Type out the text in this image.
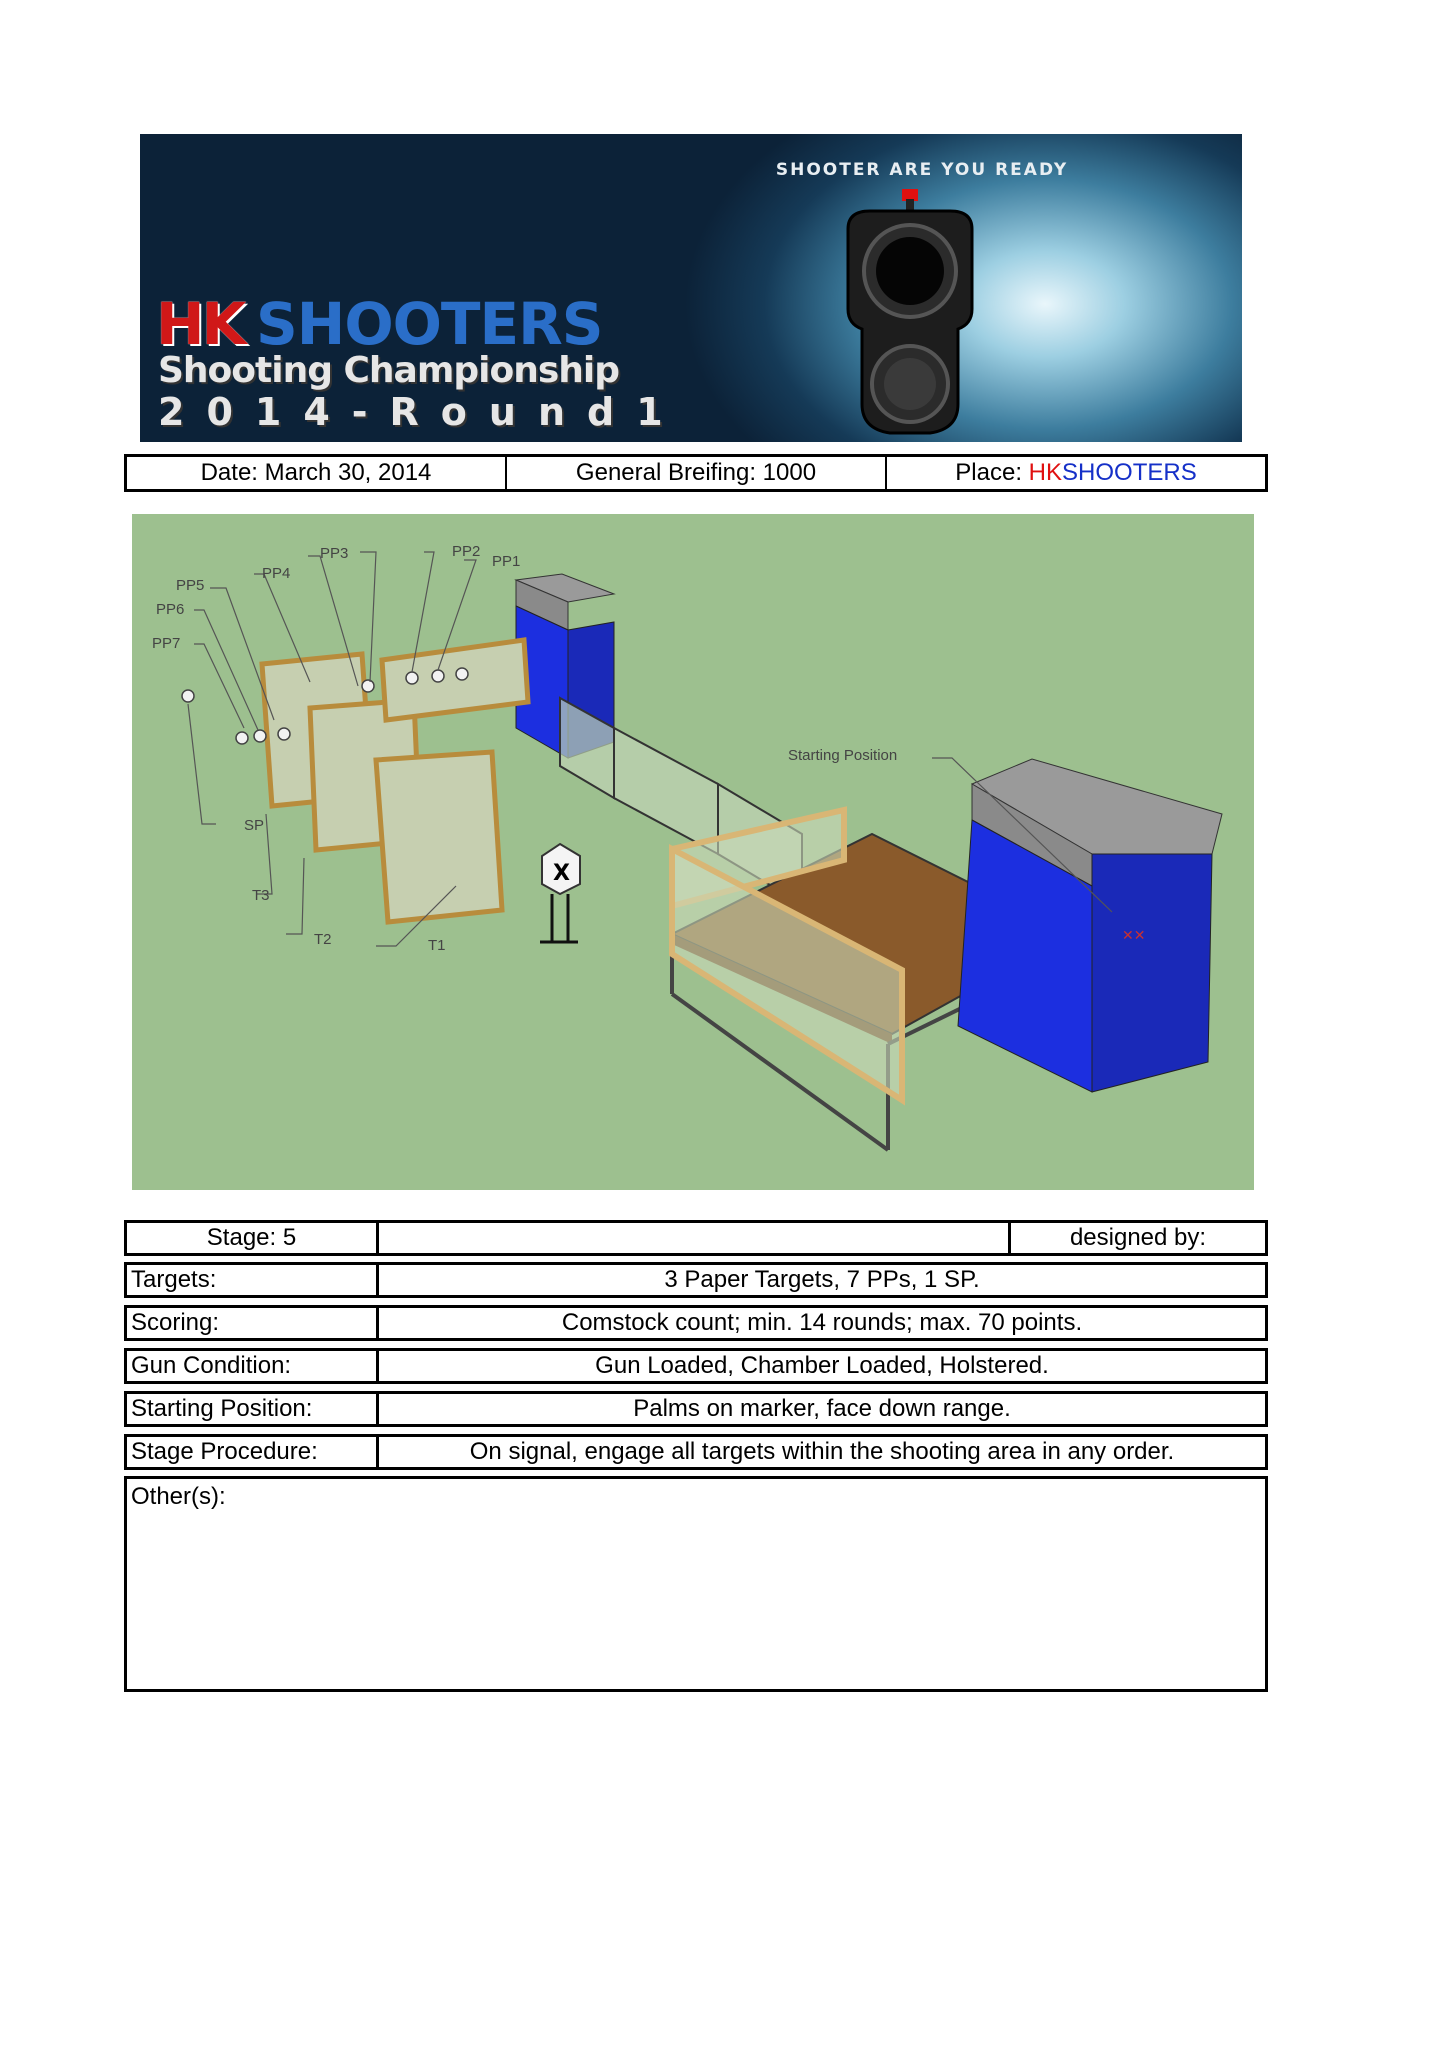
SHOOTER ARE YOU READY
HK SHOOTERS
Shooting Championship
2014-Round1
Date: March 30, 2014	General Breifing: 1000	Place: HK SHOOTERS
✕✕
X
PP1
PP2
PP3
PP4
PP5
PP6
PP7
SP
T3
T2	T1
Starting Position
Stage: 5	designed by:
Targets:	3 Paper Targets, 7 PPs, 1 SP.
Scoring:	Comstock count; min. 14 rounds; max. 70 points.
Gun Condition:	Gun Loaded, Chamber Loaded, Holstered.
Starting Position:	Palms on marker, face down range.
Stage Procedure:	On signal, engage all targets within the shooting area in any order.
Other(s):
